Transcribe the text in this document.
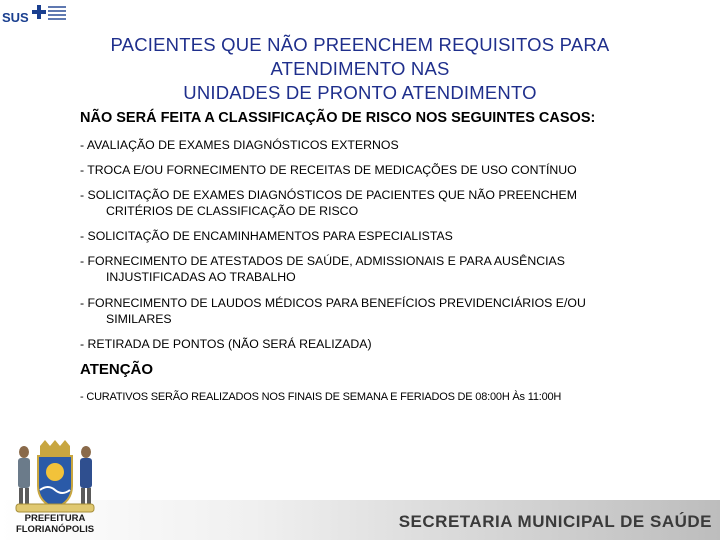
SUS
PACIENTES QUE NÃO PREENCHEM REQUISITOS PARA
ATENDIMENTO NAS
UNIDADES DE PRONTO ATENDIMENTO
NÃO SERÁ FEITA A CLASSIFICAÇÃO DE RISCO NOS SEGUINTES CASOS:
- AVALIAÇÃO DE EXAMES DIAGNÓSTICOS EXTERNOS
- TROCA E/OU FORNECIMENTO DE RECEITAS DE MEDICAÇÕES DE USO CONTÍNUO
- SOLICITAÇÃO DE EXAMES DIAGNÓSTICOS DE PACIENTES QUE NÃO PREENCHEM
CRITÉRIOS DE CLASSIFICAÇÃO DE RISCO
- SOLICITAÇÃO DE ENCAMINHAMENTOS PARA ESPECIALISTAS
- FORNECIMENTO DE ATESTADOS DE SAÚDE, ADMISSIONAIS E PARA AUSÊNCIAS
INJUSTIFICADAS AO TRABALHO
- FORNECIMENTO DE LAUDOS MÉDICOS PARA BENEFÍCIOS PREVIDENCIÁRIOS E/OU
SIMILARES
- RETIRADA DE PONTOS (NÃO SERÁ REALIZADA)
ATENÇÃO
- CURATIVOS SERÃO REALIZADOS NOS FINAIS DE SEMANA E FERIADOS DE 08:00H Às 11:00H
PREFEITURA
FLORIANÓPOLIS	SECRETARIA MUNICIPAL DE SAÚDE
